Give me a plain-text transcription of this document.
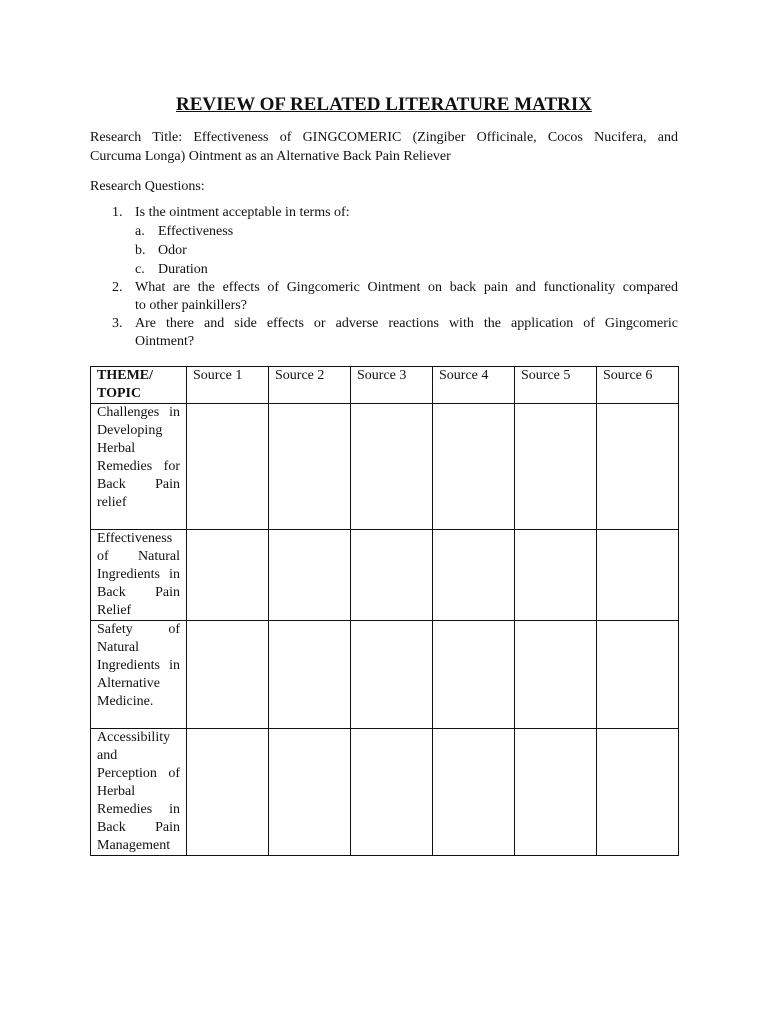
REVIEW OF RELATED LITERATURE MATRIX
Research Title: Effectiveness of GINGCOMERIC (Zingiber Officinale, Cocos Nucifera, and
Curcuma Longa) Ointment as an Alternative Back Pain Reliever
Research Questions:
1. Is the ointment acceptable in terms of:
a. Effectiveness
b. Odor
c. Duration
2. What are the effects of Gingcomeric Ointment on back pain and functionality compared
to other painkillers?
3. Are there and side effects or adverse reactions with the application of Gingcomeric
Ointment?
THEME/ TOPIC	Source 1	Source 2	Source 3	Source 4	Source 5	Source 6
Challenges in Developing Herbal Remedies for Back Pain relief						
Effectiveness of Natural Ingredients in Back Pain Relief						
Safety of Natural Ingredients in Alternative Medicine.						
Accessibility and Perception of Herbal Remedies in Back Pain Management						
